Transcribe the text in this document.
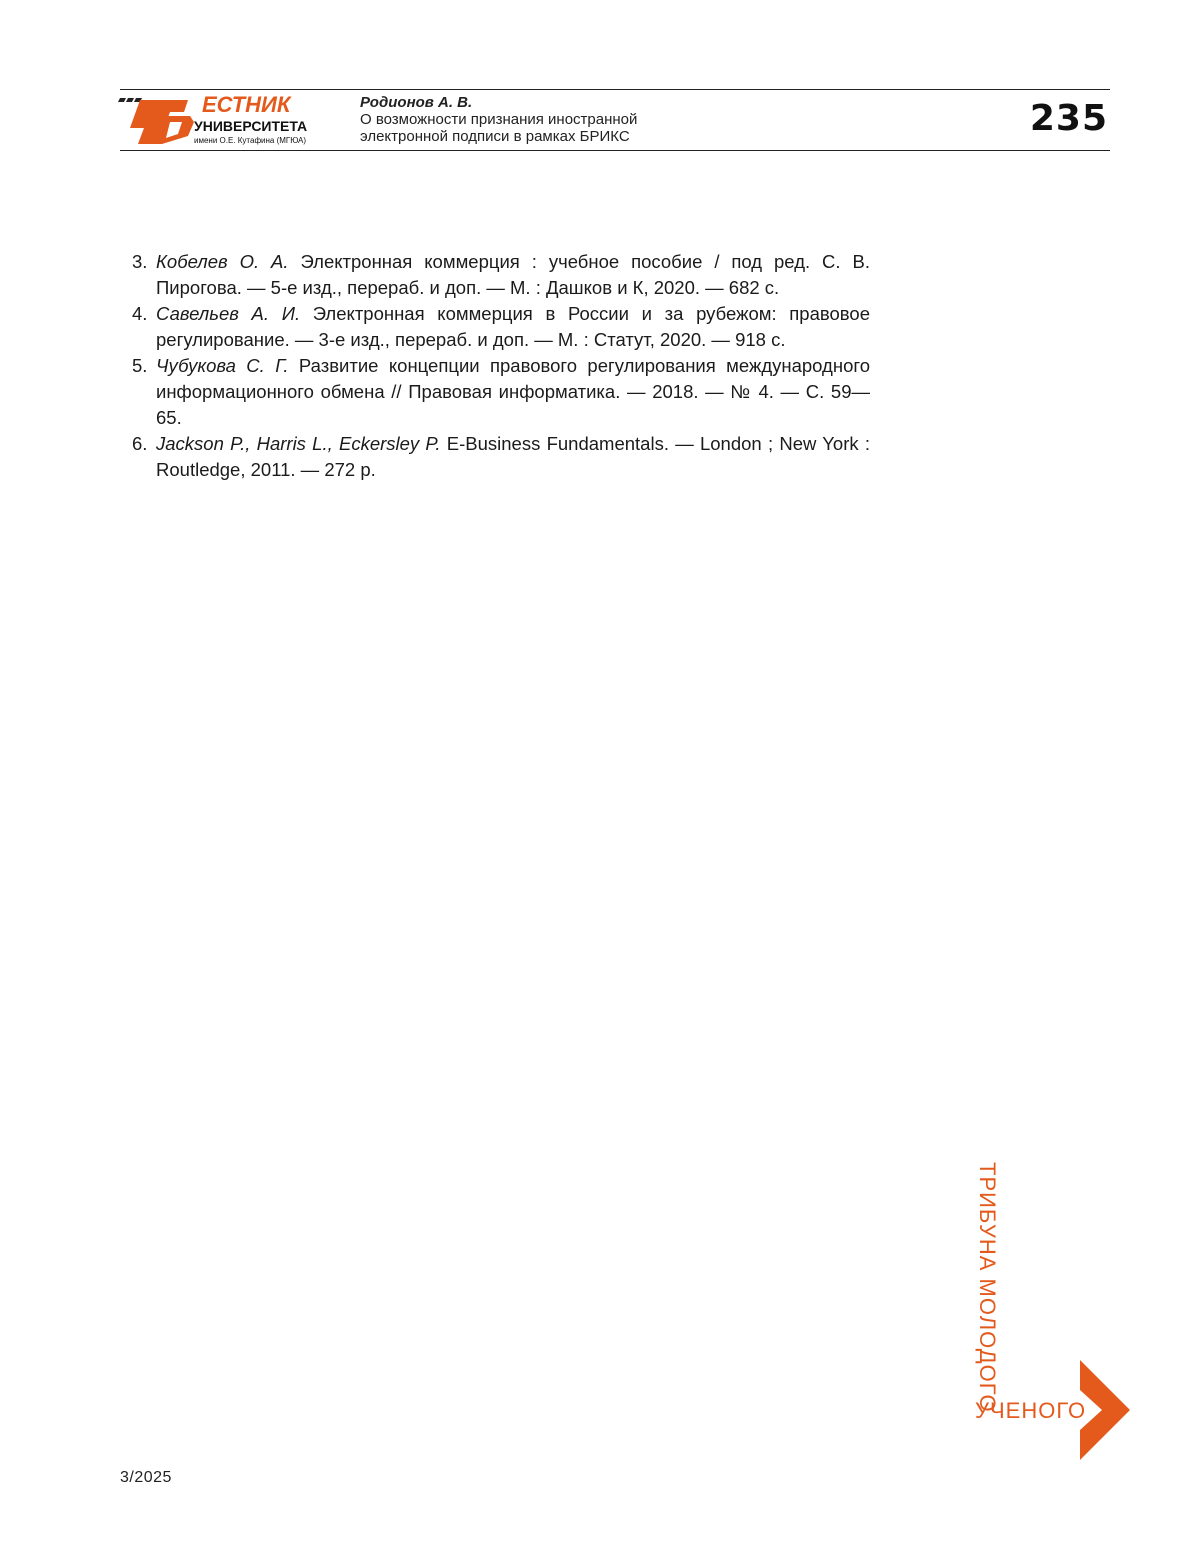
ЕСТНИК
УНИВЕРСИТЕТА
имени О.Е. Кутафина (МГЮА)
Родионов А. В.
О возможности признания иностранной
электронной подписи в рамках БРИКС	235
3. Кобелев О. А. Электронная коммерция : учебное пособие / под ред. С. В. Пирогова. — 5-е изд., перераб. и доп. — М. : Дашков и К, 2020. — 682 с.
4. Савельев А. И. Электронная коммерция в России и за рубежом: правовое регулирование. — 3-е изд., перераб. и доп. — М. : Статут, 2020. — 918 с.
5. Чубукова С. Г. Развитие концепции правового регулирования международного информационного обмена // Правовая информатика. — 2018. — № 4. — С. 59—65.
6. Jackson P., Harris L., Eckersley P. E-Business Fundamentals. — London ; New York : Routledge, 2011. — 272 p.
ТРИБУНА МОЛОДОГО
УЧЕНОГО
3/2025
